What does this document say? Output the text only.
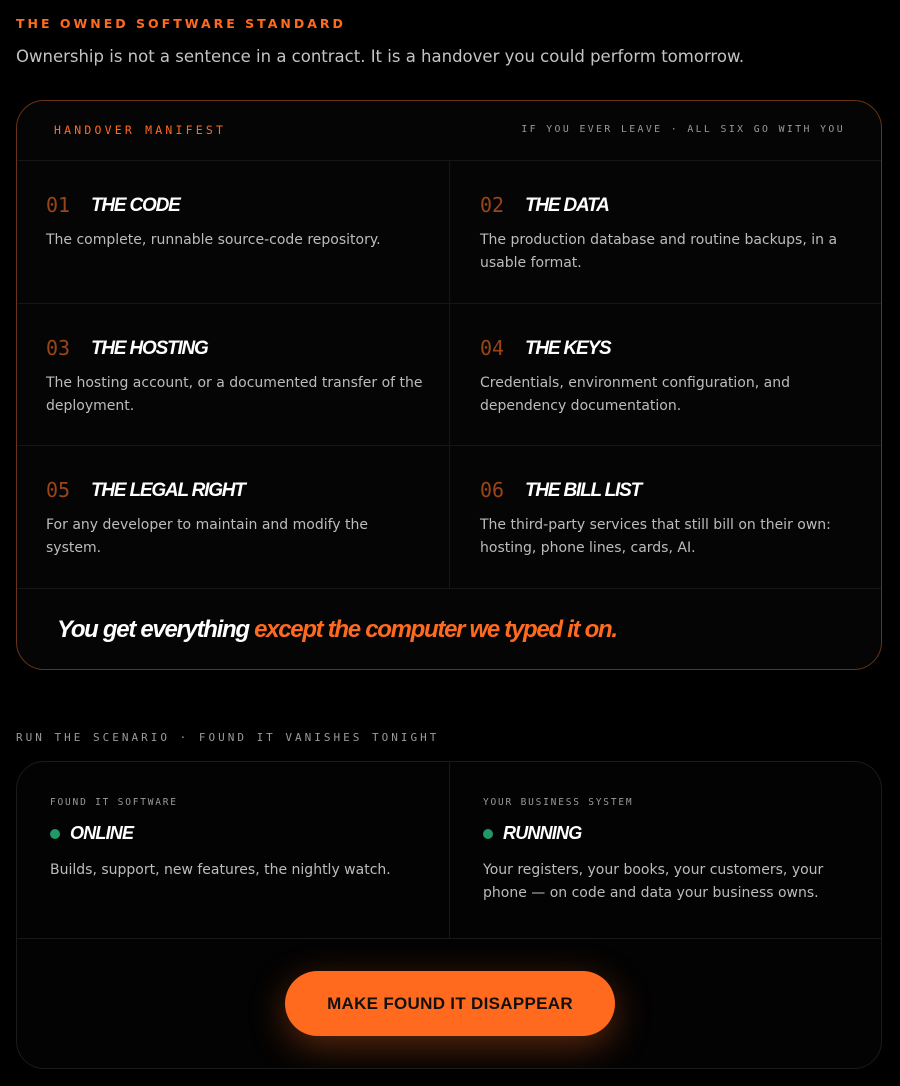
THE OWNED SOFTWARE STANDARD
Ownership is not a sentence in a contract. It is a handover you could perform tomorrow.
HANDOVER MANIFEST	IF YOU EVER LEAVE · ALL SIX GO WITH YOU
01 THE CODE
The complete, runnable source-code repository.
02 THE DATA
The production database and routine backups, in a usable format.
03 THE HOSTING
The hosting account, or a documented transfer of the deployment.
04 THE KEYS
Credentials, environment configuration, and dependency documentation.
05 THE LEGAL RIGHT
For any developer to maintain and modify the system.
06 THE BILL LIST
The third-party services that still bill on their own: hosting, phone lines, cards, AI.
You get everything except the computer we typed it on.
RUN THE SCENARIO · FOUND IT VANISHES TONIGHT
FOUND IT SOFTWARE
ONLINE
Builds, support, new features, the nightly watch.
YOUR BUSINESS SYSTEM
RUNNING
Your registers, your books, your customers, your phone — on code and data your business owns.
MAKE FOUND IT DISAPPEAR
